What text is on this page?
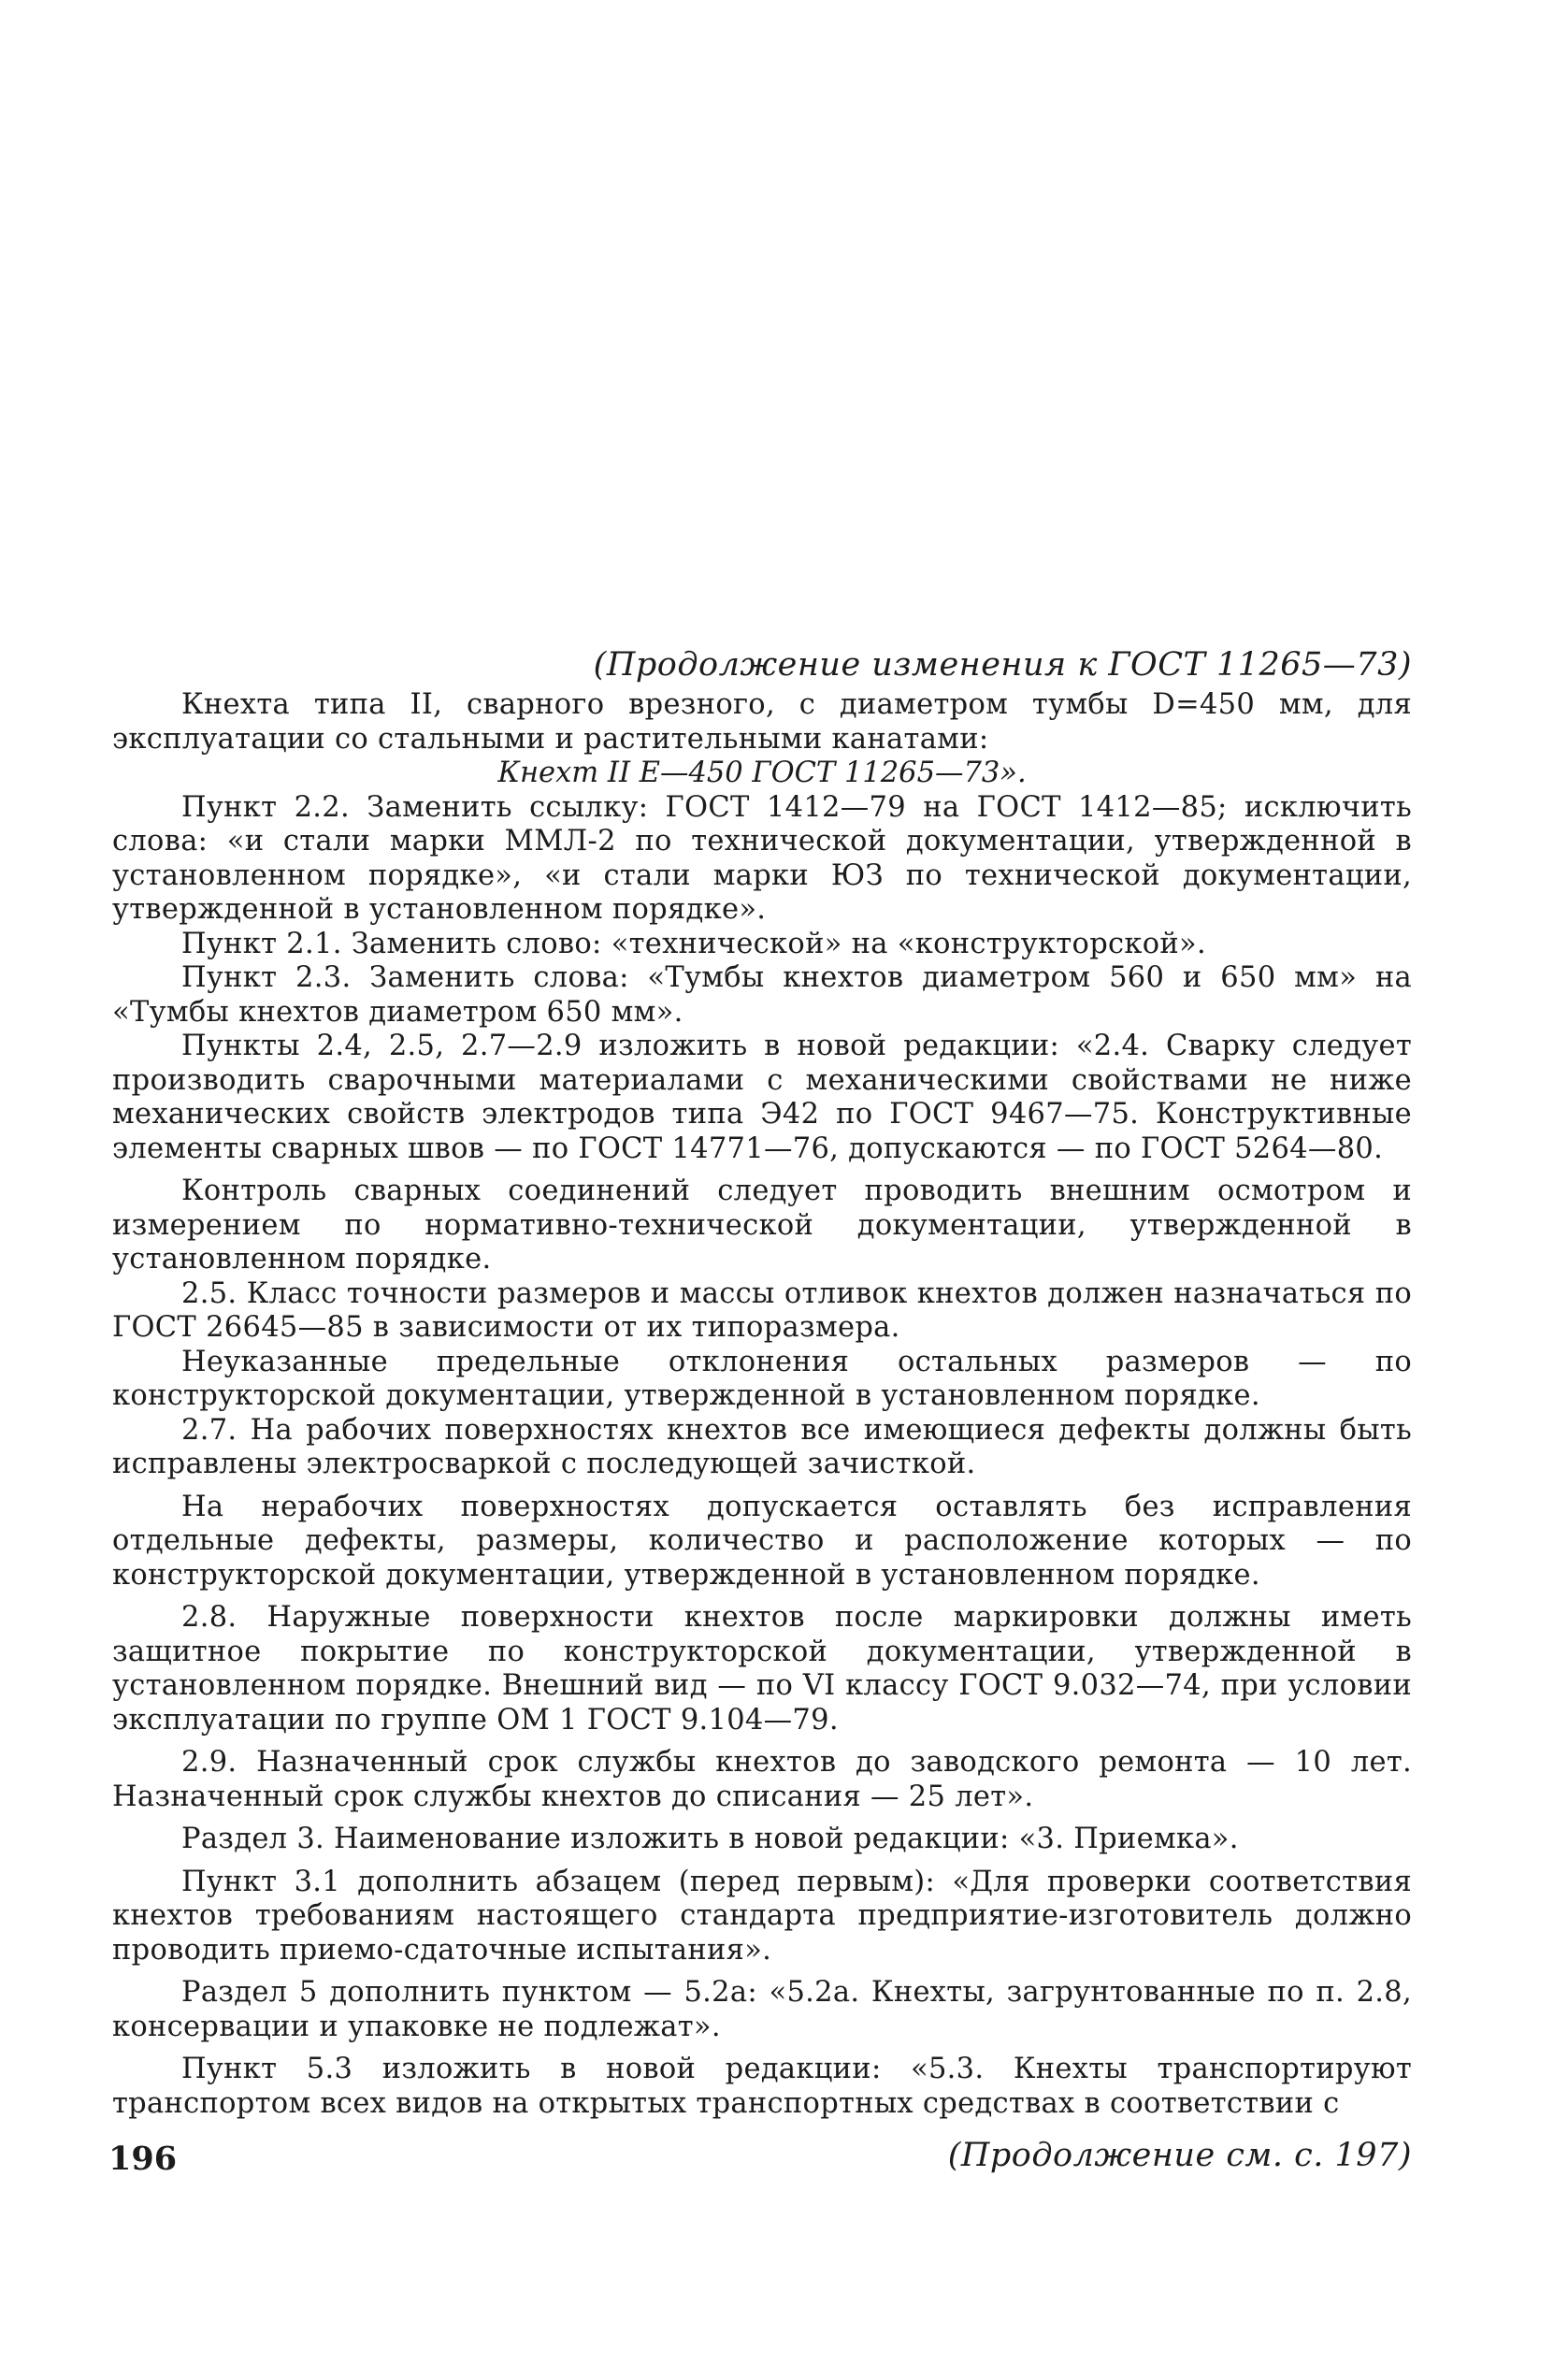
(Продолжение изменения к ГОСТ 11265—73)

Кнехта типа II, сварного врезного, с диаметром тумбы D=450 мм, для эксплуатации со стальными и растительными канатами:

Кнехт II Е—450 ГОСТ 11265—73».

Пункт 2.2. Заменить ссылку: ГОСТ 1412—79 на ГОСТ 1412—85; исключить слова: «и стали марки ММЛ-2 по технической документации, утвержденной в установленном порядке», «и стали марки ЮЗ по технической документации, утвержденной в установленном порядке».

Пункт 2.1. Заменить слово: «технической» на «конструкторской».

Пункт 2.3. Заменить слова: «Тумбы кнехтов диаметром 560 и 650 мм» на «Тумбы кнехтов диаметром 650 мм».

Пункты 2.4, 2.5, 2.7—2.9 изложить в новой редакции: «2.4. Сварку следует производить сварочными материалами с механическими свойствами не ниже механических свойств электродов типа Э42 по ГОСТ 9467—75. Конструктивные элементы сварных швов — по ГОСТ 14771—76, допускаются — по ГОСТ 5264—80.

Контроль сварных соединений следует проводить внешним осмотром и измерением по нормативно-технической документации, утвержденной в установленном порядке.

2.5. Класс точности размеров и массы отливок кнехтов должен назначаться по ГОСТ 26645—85 в зависимости от их типоразмера.

Неуказанные предельные отклонения остальных размеров — по конструкторской документации, утвержденной в установленном порядке.

2.7. На рабочих поверхностях кнехтов все имеющиеся дефекты должны быть исправлены электросваркой с последующей зачисткой.

На нерабочих поверхностях допускается оставлять без исправления отдельные дефекты, размеры, количество и расположение которых — по конструкторской документации, утвержденной в установленном порядке.

2.8. Наружные поверхности кнехтов после маркировки должны иметь защитное покрытие по конструкторской документации, утвержденной в установленном порядке. Внешний вид — по VI классу ГОСТ 9.032—74, при условии эксплуатации по группе ОМ 1 ГОСТ 9.104—79.

2.9. Назначенный срок службы кнехтов до заводского ремонта — 10 лет. Назначенный срок службы кнехтов до списания — 25 лет».

Раздел 3. Наименование изложить в новой редакции: «3. Приемка».

Пункт 3.1 дополнить абзацем (перед первым): «Для проверки соответствия кнехтов требованиям настоящего стандарта предприятие-изготовитель должно проводить приемо-сдаточные испытания».

Раздел 5 дополнить пунктом — 5.2а: «5.2а. Кнехты, загрунтованные по п. 2.8, консервации и упаковке не подлежат».

Пункт 5.3 изложить в новой редакции: «5.3. Кнехты транспортируют транспортом всех видов на открытых транспортных средствах в соответствии с

(Продолжение см. с. 197)

196
